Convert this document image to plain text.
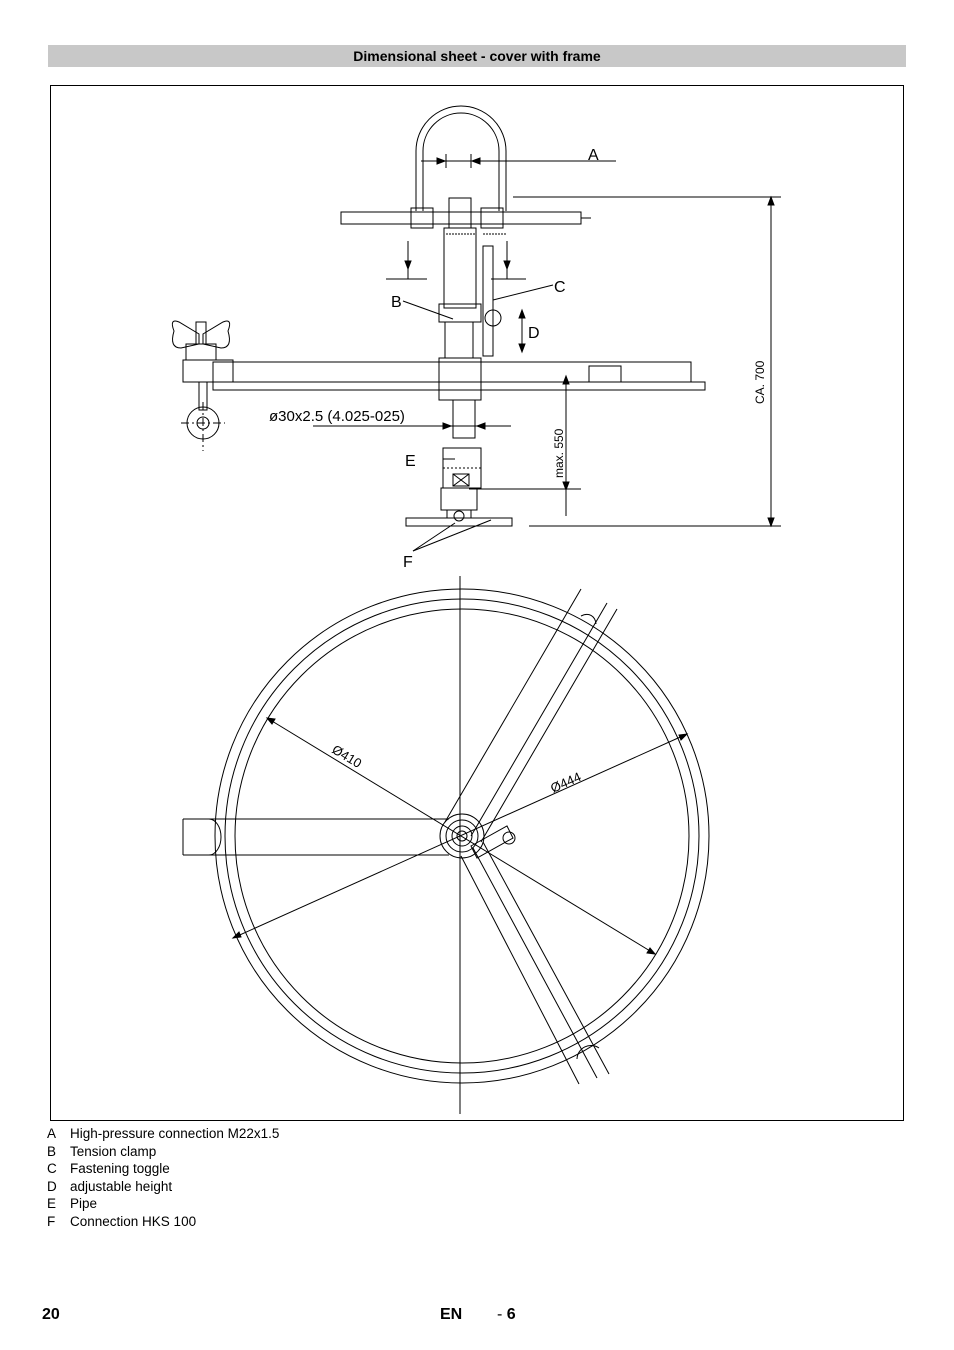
Dimensional sheet - cover with frame
A
B
C
D
E
F
ø30x2.5 (4.025-025)
CA. 700
max. 550
Ø410
Ø444
A	High-pressure connection M22x1.5
B	Tension clamp
C Fastening toggle
D adjustable height
E	Pipe
F	Connection HKS 100
20	EN - 6
